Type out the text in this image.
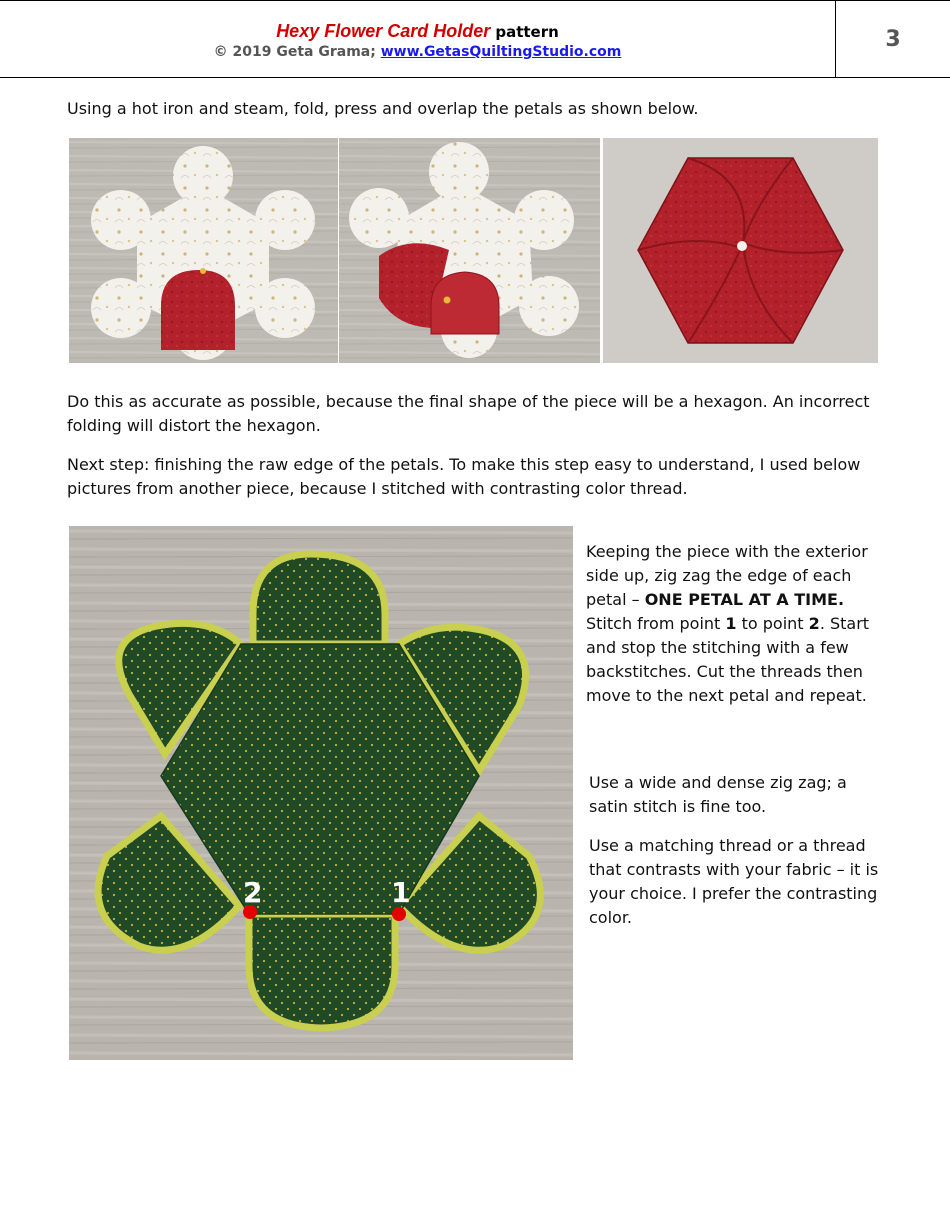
Hexy Flower Card Holder pattern
© 2019 Geta Grama; www.GetasQuiltingStudio.com	3

Using a hot iron and steam, fold, press and overlap the petals as shown below.

Do this as accurate as possible, because the final shape of the piece will be a hexagon. An incorrect folding will distort the hexagon.

Next step: finishing the raw edge of the petals. To make this step easy to understand, I used below pictures from another piece, because I stitched with contrasting color thread.

2	1

Keeping the piece with the exterior side up, zig zag the edge of each petal – ONE PETAL AT A TIME.
Stitch from point 1 to point 2. Start and stop the stitching with a few backstitches. Cut the threads then move to the next petal and repeat.

Use a wide and dense zig zag; a satin stitch is fine too.

Use a matching thread or a thread that contrasts with your fabric – it is your choice. I prefer the contrasting color.
